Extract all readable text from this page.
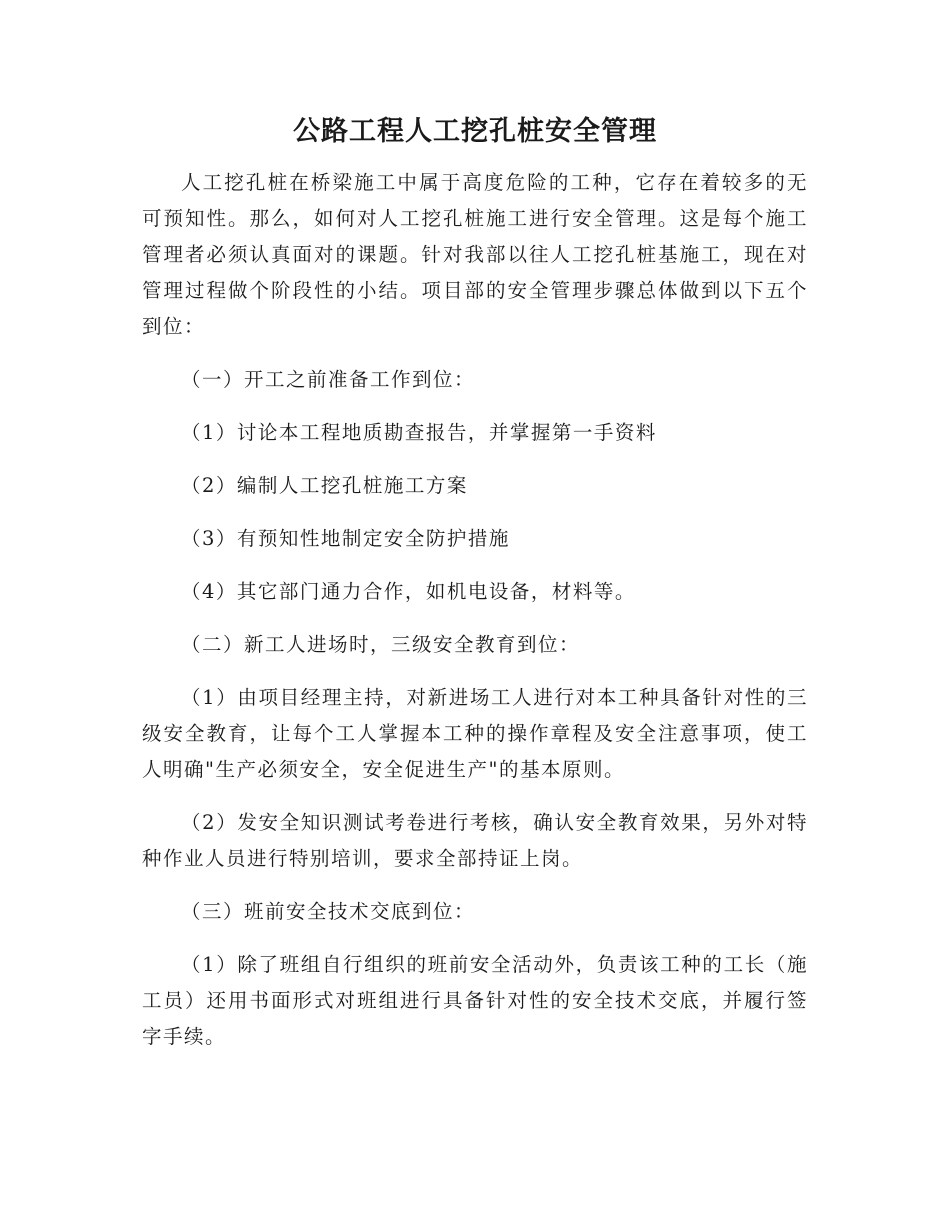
公路工程人工挖孔桩安全管理

人工挖孔桩在桥梁施工中属于高度危险的工种，它存在着较多的无可预知性。那么，如何对人工挖孔桩施工进行安全管理。这是每个施工管理者必须认真面对的课题。针对我部以往人工挖孔桩基施工，现在对管理过程做个阶段性的小结。项目部的安全管理步骤总体做到以下五个到位：

（一）开工之前准备工作到位：

（1）讨论本工程地质勘查报告，并掌握第一手资料

（2）编制人工挖孔桩施工方案

（3）有预知性地制定安全防护措施

（4）其它部门通力合作，如机电设备，材料等。

（二）新工人进场时，三级安全教育到位：

（1）由项目经理主持，对新进场工人进行对本工种具备针对性的三级安全教育，让每个工人掌握本工种的操作章程及安全注意事项，使工人明确"生产必须安全，安全促进生产"的基本原则。

（2）发安全知识测试考卷进行考核，确认安全教育效果，另外对特种作业人员进行特别培训，要求全部持证上岗。

（三）班前安全技术交底到位：

（1）除了班组自行组织的班前安全活动外，负责该工种的工长（施工员）还用书面形式对班组进行具备针对性的安全技术交底，并履行签字手续。
